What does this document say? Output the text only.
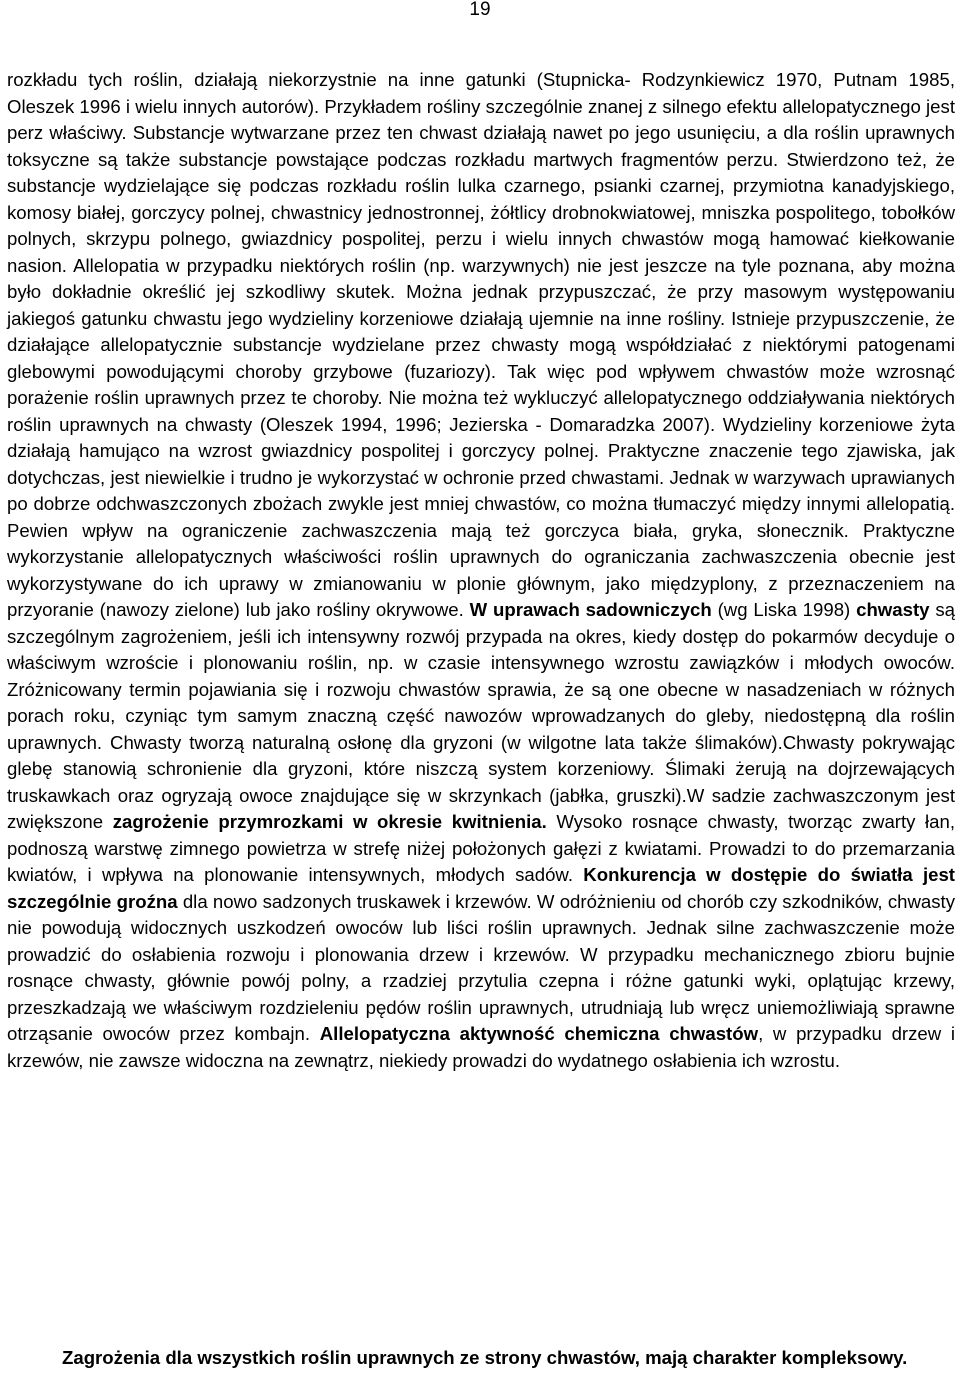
19

rozkładu tych roślin, działają niekorzystnie na inne gatunki (Stupnicka- Rodzynkiewicz 1970, Putnam 1985, Oleszek 1996 i wielu innych autorów). Przykładem rośliny szczególnie znanej z silnego efektu allelopatycznego jest perz właściwy. Substancje wytwarzane przez ten chwast działają nawet po jego usunięciu, a dla roślin uprawnych toksyczne są także substancje powstające podczas rozkładu martwych fragmentów perzu. Stwierdzono też, że substancje wydzielające się podczas rozkładu roślin lulka czarnego, psianki czarnej, przymiotna kanadyjskiego, komosy białej, gorczycy polnej, chwastnicy jednostronnej, żółtlicy drobnokwiatowej, mniszka pospolitego, tobołków polnych, skrzypu polnego, gwiazdnicy pospolitej, perzu i wielu innych chwastów mogą hamować kiełkowanie nasion. Allelopatia w przypadku niektórych roślin (np. warzywnych) nie jest jeszcze na tyle poznana, aby można było dokładnie określić jej szkodliwy skutek. Można jednak przypuszczać, że przy masowym występowaniu jakiegoś gatunku chwastu jego wydzieliny korzeniowe działają ujemnie na inne rośliny. Istnieje przypuszczenie, że działające allelopatycznie substancje wydzielane przez chwasty mogą współdziałać z niektórymi patogenami glebowymi powodującymi choroby grzybowe (fuzariozy). Tak więc pod wpływem chwastów może wzrosnąć porażenie roślin uprawnych przez te choroby. Nie można też wykluczyć allelopatycznego oddziaływania niektórych roślin uprawnych na chwasty (Oleszek 1994, 1996; Jezierska - Domaradzka 2007). Wydzieliny korzeniowe żyta działają hamująco na wzrost gwiazdnicy pospolitej i gorczycy polnej. Praktyczne znaczenie tego zjawiska, jak dotychczas, jest niewielkie i trudno je wykorzystać w ochronie przed chwastami. Jednak w warzywach uprawianych po dobrze odchwaszczonych zbożach zwykle jest mniej chwastów, co można tłumaczyć między innymi allelopatią. Pewien wpływ na ograniczenie zachwaszczenia mają też gorczyca biała, gryka, słonecznik. Praktyczne wykorzystanie allelopatycznych właściwości roślin uprawnych do ograniczania zachwaszczenia obecnie jest wykorzystywane do ich uprawy w zmianowaniu w plonie głównym, jako międzyplony, z przeznaczeniem na przyoranie (nawozy zielone) lub jako rośliny okrywowe. W uprawach sadowniczych (wg Liska 1998) chwasty są szczególnym zagrożeniem, jeśli ich intensywny rozwój przypada na okres, kiedy dostęp do pokarmów decyduje o właściwym wzroście i plonowaniu roślin, np. w czasie intensywnego wzrostu zawiązków i młodych owoców. Zróżnicowany termin pojawiania się i rozwoju chwastów sprawia, że są one obecne w nasadzeniach w różnych porach roku, czyniąc tym samym znaczną część nawozów wprowadzanych do gleby, niedostępną dla roślin uprawnych. Chwasty tworzą naturalną osłonę dla gryzoni (w wilgotne lata także ślimaków).Chwasty pokrywając glebę stanowią schronienie dla gryzoni, które niszczą system korzeniowy. Ślimaki żerują na dojrzewających truskawkach oraz ogryzają owoce znajdujące się w skrzynkach (jabłka, gruszki).W sadzie zachwaszczonym jest zwiększone zagrożenie przymrozkami w okresie kwitnienia. Wysoko rosnące chwasty, tworząc zwarty łan, podnoszą warstwę zimnego powietrza w strefę niżej położonych gałęzi z kwiatami. Prowadzi to do przemarzania kwiatów, i wpływa na plonowanie intensywnych, młodych sadów. Konkurencja w dostępie do światła jest szczególnie groźna dla nowo sadzonych truskawek i krzewów. W odróżnieniu od chorób czy szkodników, chwasty nie powodują widocznych uszkodzeń owoców lub liści roślin uprawnych. Jednak silne zachwaszczenie może prowadzić do osłabienia rozwoju i plonowania drzew i krzewów. W przypadku mechanicznego zbioru bujnie rosnące chwasty, głównie powój polny, a rzadziej przytulia czepna i różne gatunki wyki, oplątując krzewy, przeszkadzają we właściwym rozdzieleniu pędów roślin uprawnych, utrudniają lub wręcz uniemożliwiają sprawne otrząsanie owoców przez kombajn. Allelopatyczna aktywność chemiczna chwastów, w przypadku drzew i krzewów, nie zawsze widoczna na zewnątrz, niekiedy prowadzi do wydatnego osłabienia ich wzrostu.

Zagrożenia dla wszystkich roślin uprawnych ze strony chwastów, mają charakter kompleksowy.
